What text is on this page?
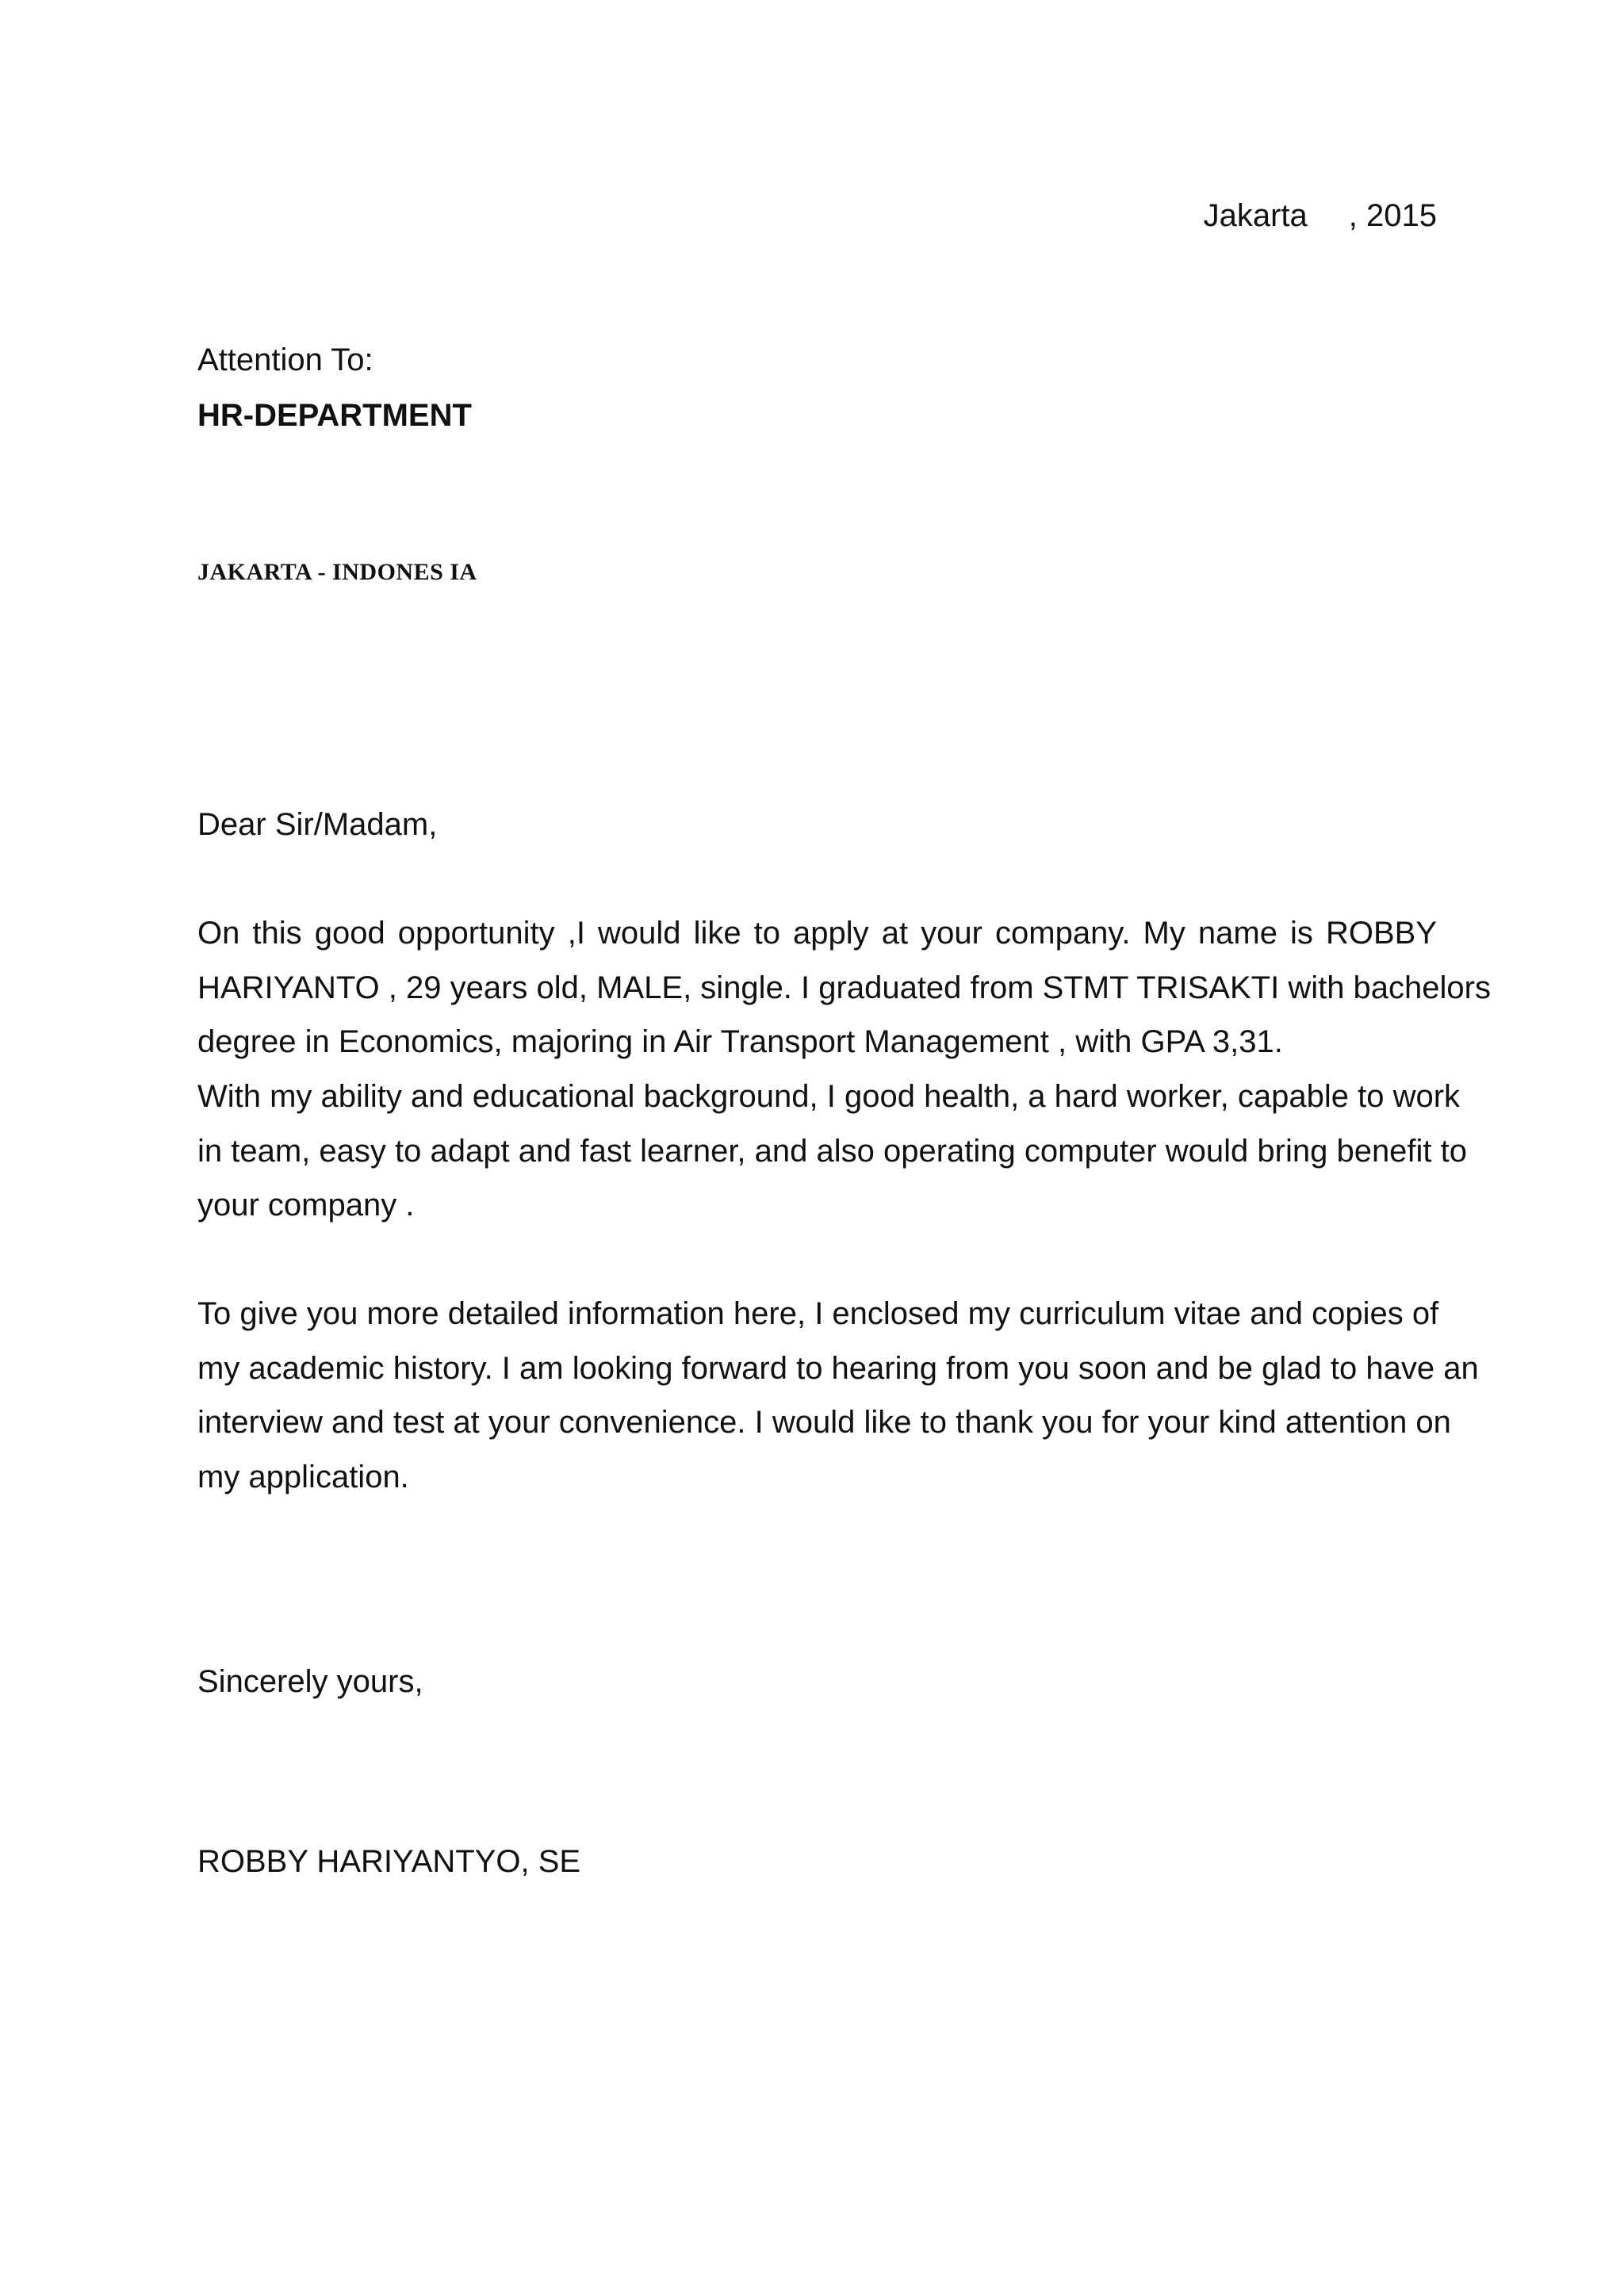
Jakarta , 2015
Attention To:
HR-DEPARTMENT
JAKARTA - INDONES IA
Dear Sir/Madam,
On this good opportunity ,I would like to apply at your company. My name is ROBBY
HARIYANTO , 29 years old, MALE, single. I graduated from STMT TRISAKTI with bachelors
degree in Economics, majoring in Air Transport Management , with GPA 3,31.
With my ability and educational background, I good health, a hard worker, capable to work
in team, easy to adapt and fast learner, and also operating computer would bring benefit to
your company .
To give you more detailed information here, I enclosed my curriculum vitae and copies of
my academic history. I am looking forward to hearing from you soon and be glad to have an
interview and test at your convenience. I would like to thank you for your kind attention on
my application.
Sincerely yours,
ROBBY HARIYANTYO, SE
